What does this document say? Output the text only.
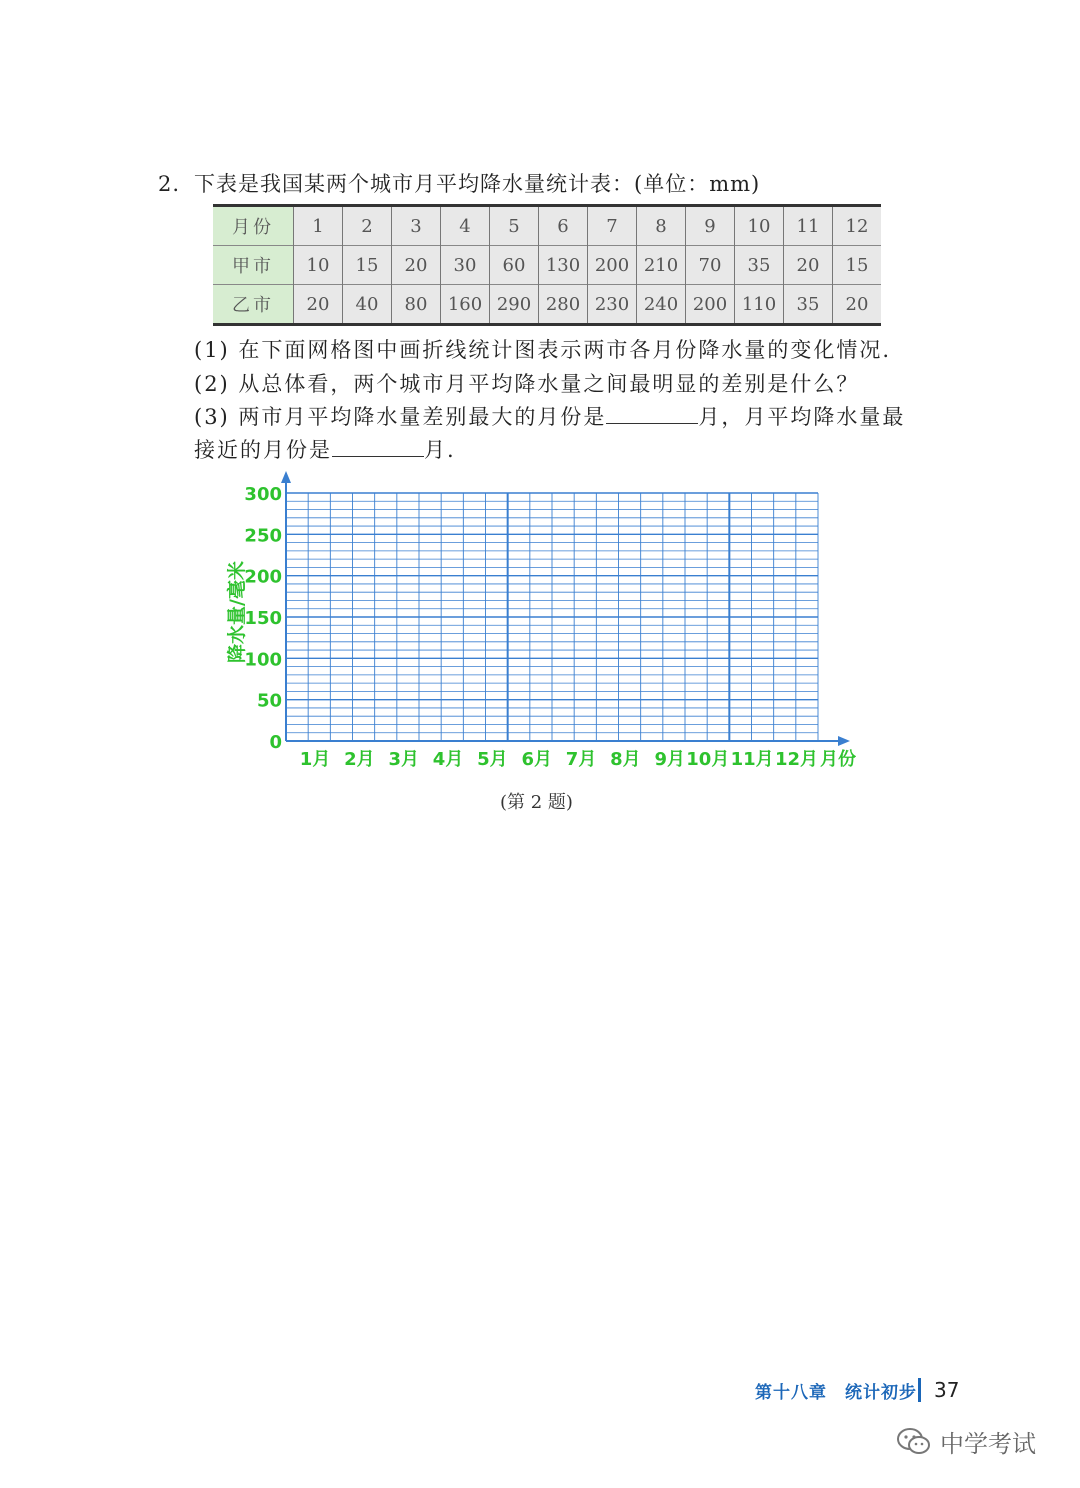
2. 下表是我国某两个城市月平均降水量统计表：(单位：mm)
月份	1	2	3	4	5	6	7	8	9	10	11	12
甲市	10	15	20	30	60	130	200	210	70	35	20	15
乙市	20	40	80	160	290	280	230	240	200	110	35	20
(1) 在下面网格图中画折线统计图表示两市各月份降水量的变化情况.
(2) 从总体看，两个城市月平均降水量之间最明显的差别是什么？
(3) 两市月平均降水量差别最大的月份是	月，月平均降水量最
接近的月份是	月.
0
50
100
150
200
250
300
1月 2月 3月 4月 5月 6月 7月 8月 9月 10月 11月 12月 月份
降水量/毫米
(第 2 题)
第十八章　统计初步 37
中学考试
